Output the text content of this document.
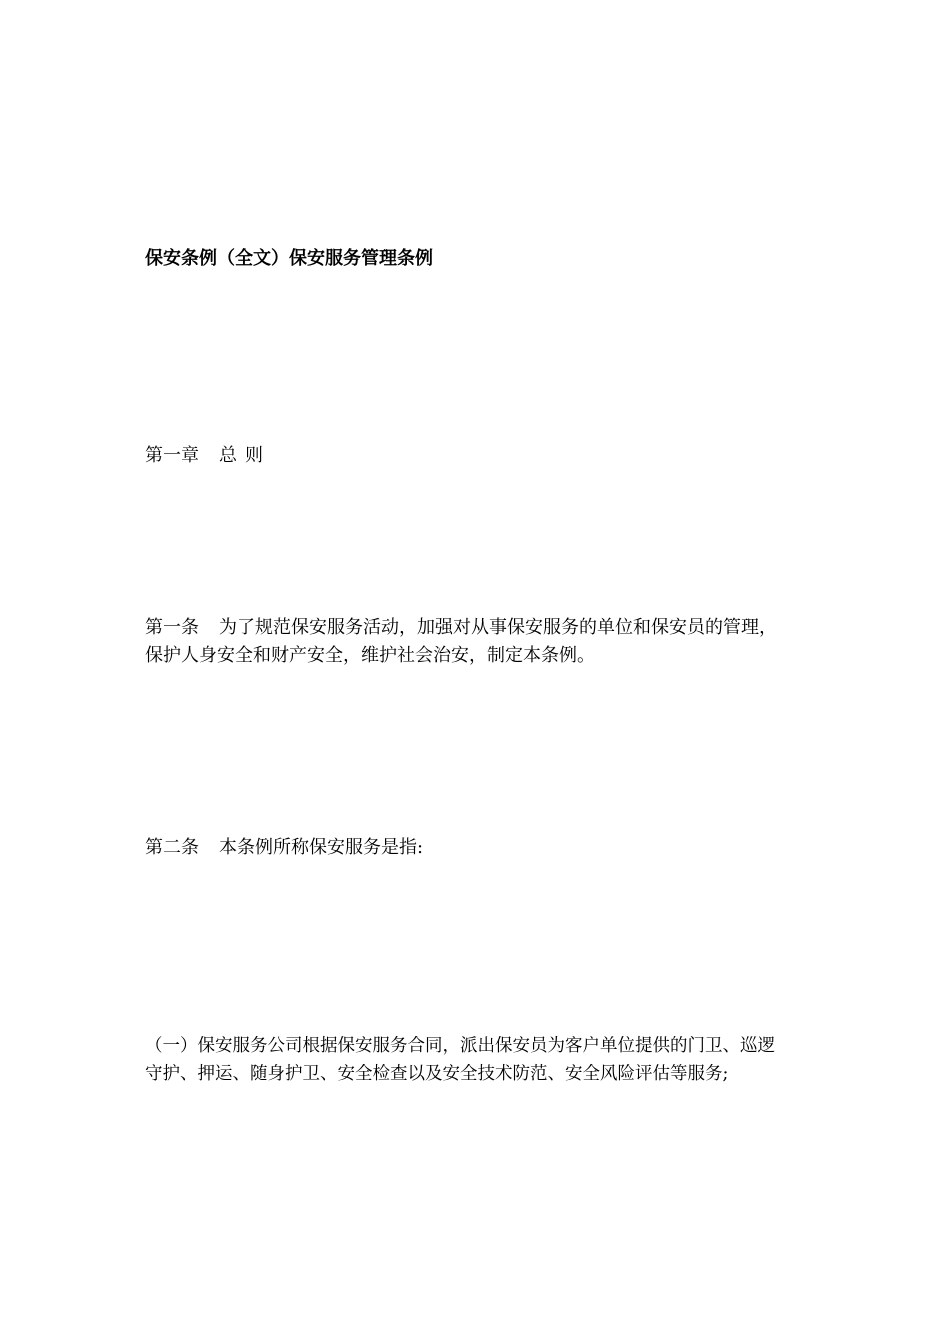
保安条例（全文）保安服务管理条例
第一章 总 则
第一条 为了规范保安服务活动，加强对从事保安服务的单位和保安员的管理，
保护人身安全和财产安全，维护社会治安，制定本条例。
第二条 本条例所称保安服务是指:
（一）保安服务公司根据保安服务合同，派出保安员为客户单位提供的门卫、巡逻
守护、押运、随身护卫、安全检查以及安全技术防范、安全风险评估等服务;
